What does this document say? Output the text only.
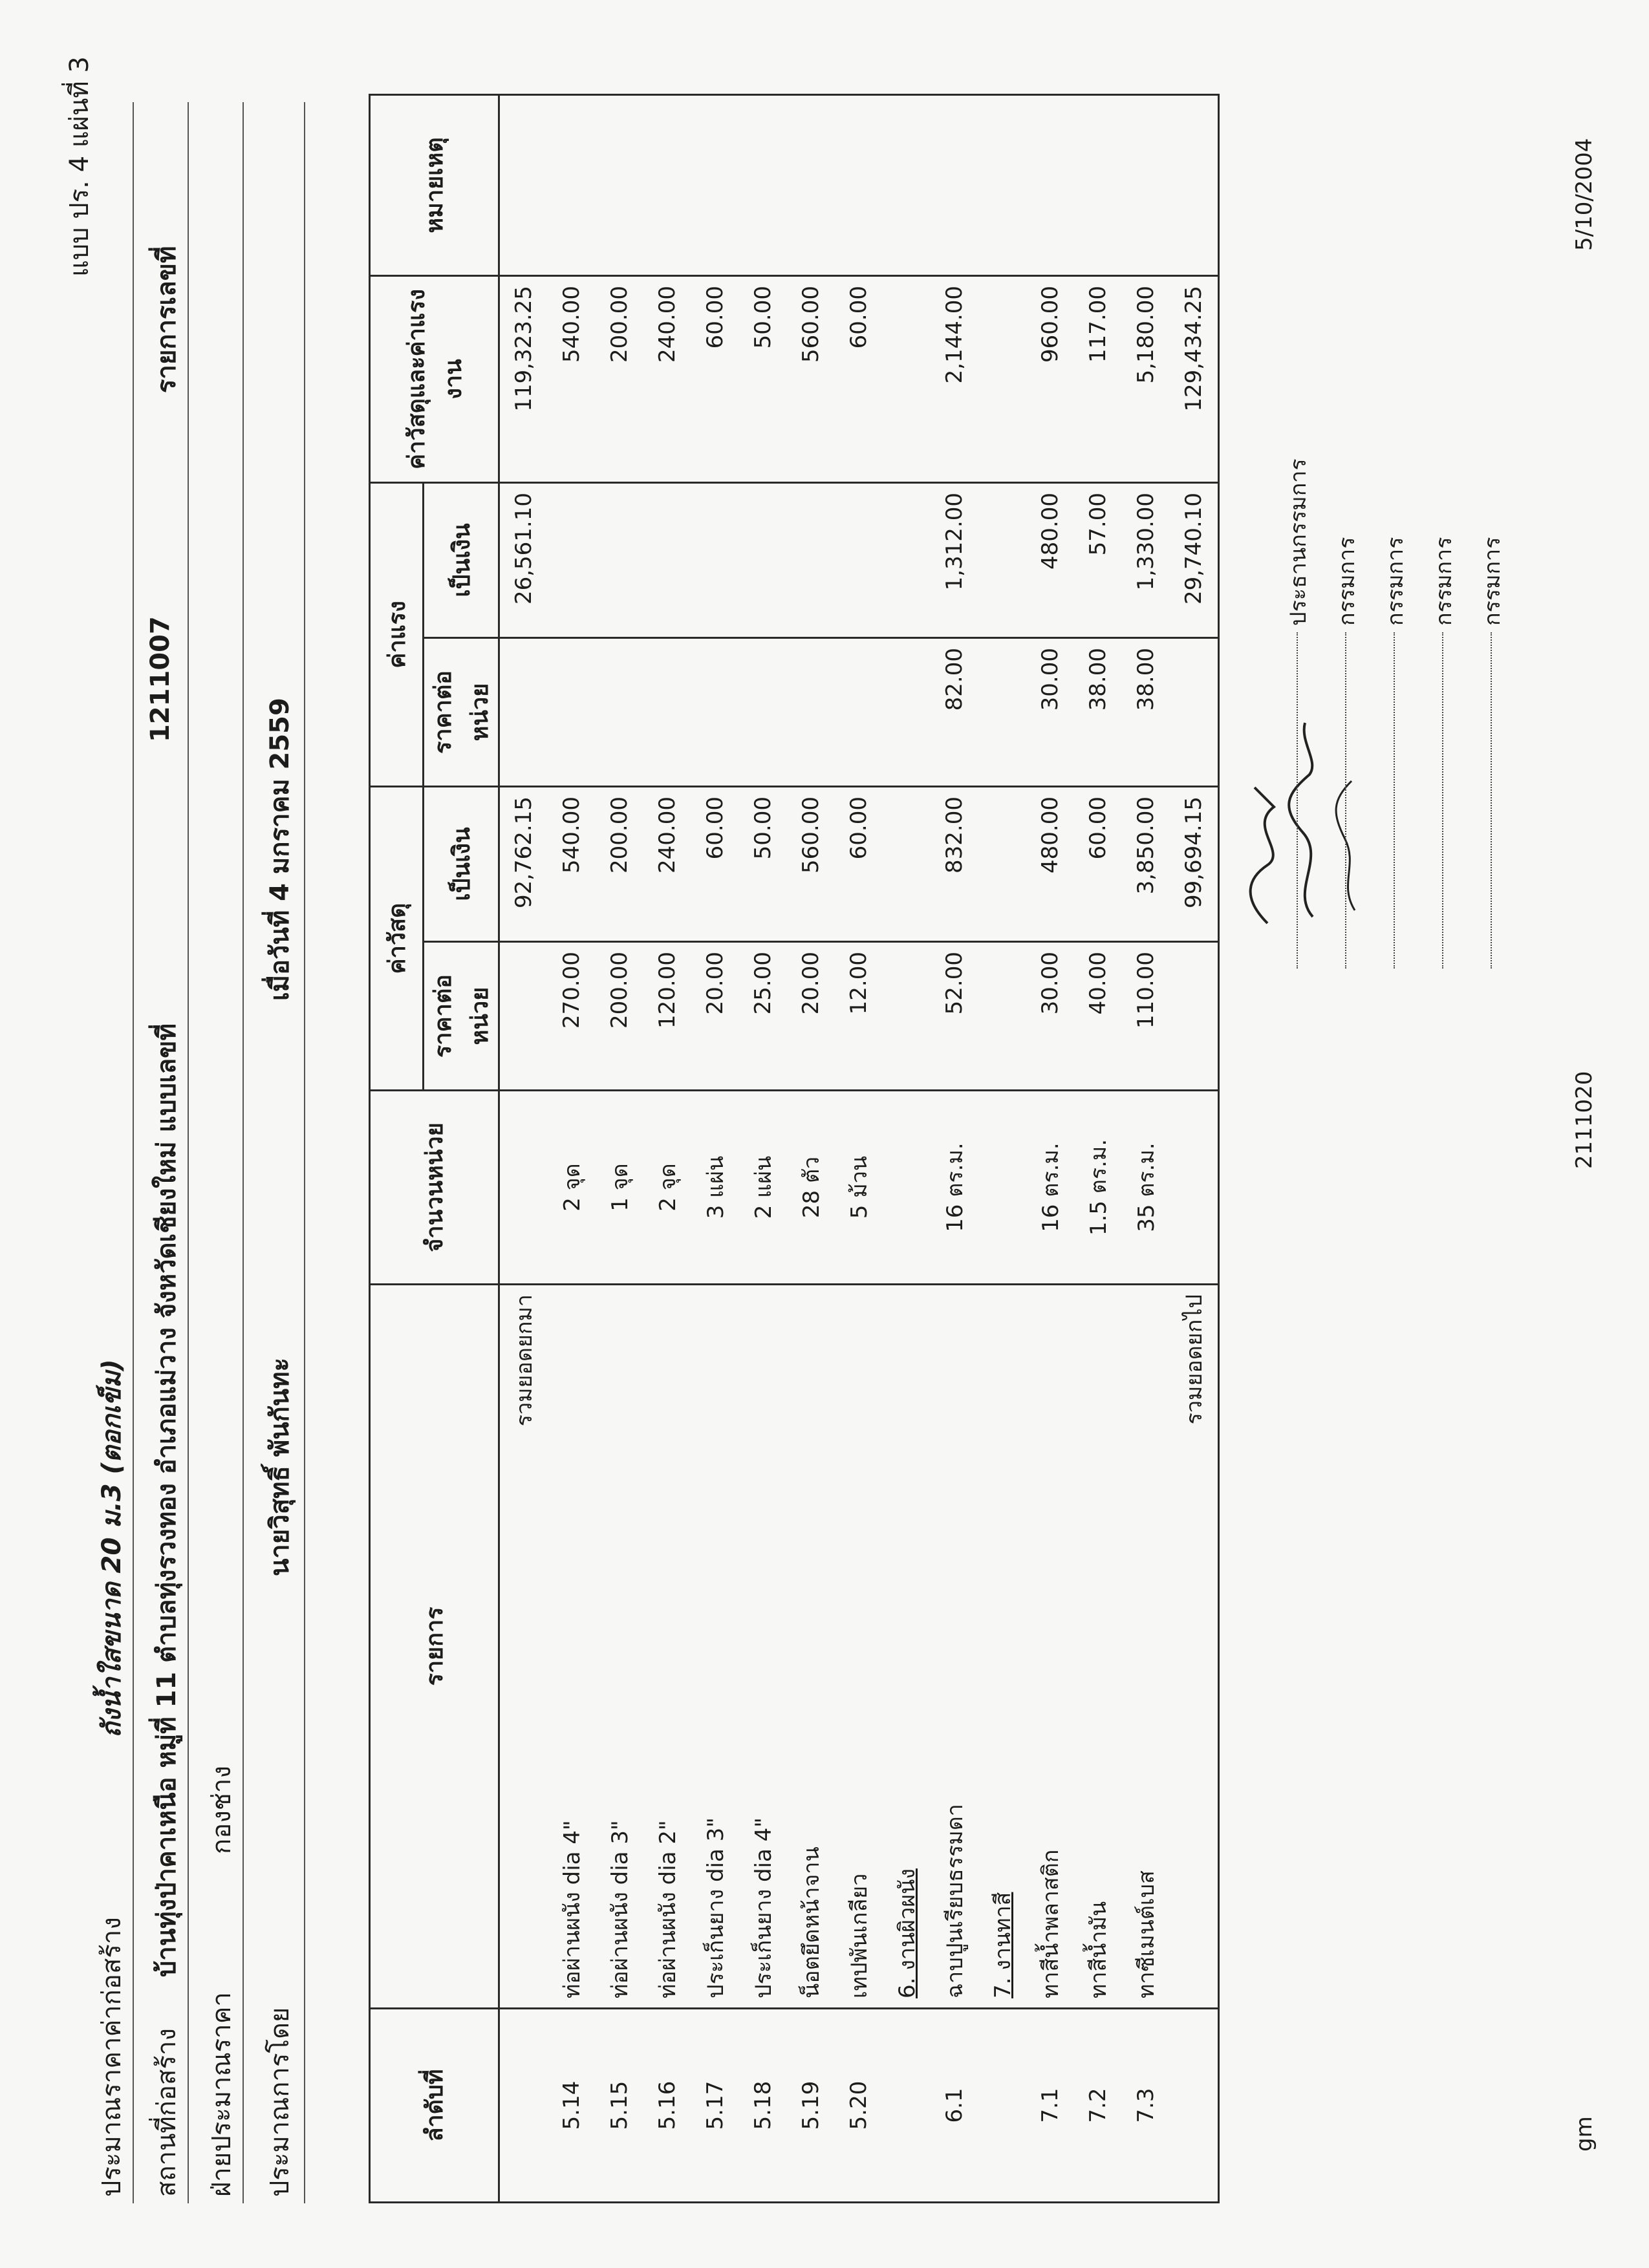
แบบ ปร. 4 แผ่นที่ 3
ประมาณราคาค่าก่อสร้าง
ถังน้ำใสขนาด 20 ม.3 (ตอกเข็ม)
สถานที่ก่อสร้าง
บ้านทุ่งป่าคาเหนือ หมู่ที่ 11 ตำบลทุ่งรวงทอง อำเภอแม่วาง จังหวัดเชียงใหม่ แบบเลขที่
1211007
รายการเลขที่
ฝ่ายประมาณราคา
กองช่าง
ประมาณการโดย
นายวิสุทธิ์ พันกันทะ
เมื่อวันที่ 4 มกราคม 2559
ลำดับที่	รายการ	จำนวนหน่วย	ค่าวัสดุ		ค่าแรง		ค่าวัสดุและค่าแรงงาน	หมายเหตุ
			ราคาต่อหน่วย	เป็นเงิน	ราคาต่อหน่วย	เป็นเงิน		
	รวมยอดยกมา			92,762.15		26,561.10	119,323.25	
5.14	ท่อผ่านผนัง dia 4"	2 จุด	270.00	540.00			540.00	
5.15	ท่อผ่านผนัง dia 3"	1 จุด	200.00	200.00			200.00	
5.16	ท่อผ่านผนัง dia 2"	2 จุด	120.00	240.00			240.00	
5.17	ประเก็นยาง dia 3"	3 แผ่น	20.00	60.00			60.00	
5.18	ประเก็นยาง dia 4"	2 แผ่น	25.00	50.00			50.00	
5.19	น็อตยึดหน้าจาน	28 ตัว	20.00	560.00			560.00	
5.20	เทปพันเกลียว	5 ม้วน	12.00	60.00			60.00	
	6. งานผิวผนัง							
6.1	ฉาบปูนเรียบธรรมดา	16 ตร.ม.	52.00	832.00	82.00	1,312.00	2,144.00	
	7. งานทาสี							
7.1	ทาสีน้ำพลาสติก	16 ตร.ม.	30.00	480.00	30.00	480.00	960.00	
7.2	ทาสีน้ำมัน	1.5 ตร.ม.	40.00	60.00	38.00	57.00	117.00	
7.3	ทาซีเมนต์เบส	35 ตร.ม.	110.00	3,850.00	38.00	1,330.00	5,180.00	
	รวมยอดยกไป			99,694.15		29,740.10	129,434.25	
ประธานกรรมการ กรรมการ กรรมการ กรรมการ กรรมการ
gm
2111020
5/10/2004
